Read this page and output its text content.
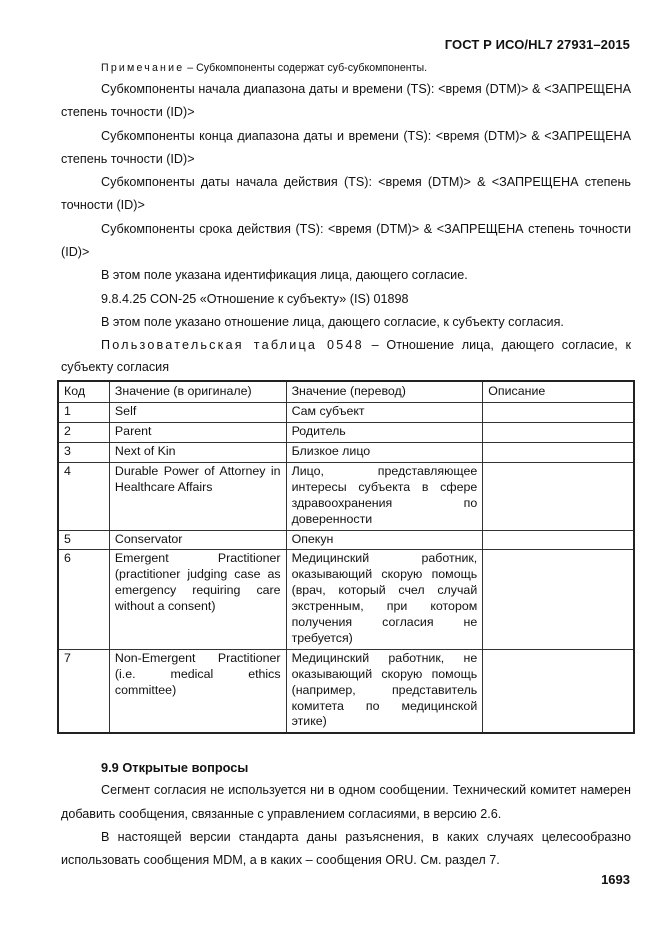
ГОСТ Р ИСО/HL7 27931–2015

Примечание – Субкомпоненты содержат суб-субкомпоненты.

Субкомпоненты начала диапазона даты и времени (TS): <время (DTM)> & <ЗАПРЕЩЕНА степень точности (ID)>

Субкомпоненты конца диапазона даты и времени (TS): <время (DTM)> & <ЗАПРЕЩЕНА степень точности (ID)>

Субкомпоненты даты начала действия (TS): <время (DTM)> & <ЗАПРЕЩЕНА степень точности (ID)>

Субкомпоненты срока действия (TS): <время (DTM)> & <ЗАПРЕЩЕНА степень точности (ID)>

В этом поле указана идентификация лица, дающего согласие.

9.8.4.25 CON-25 «Отношение к субъекту» (IS) 01898

В этом поле указано отношение лица, дающего согласие, к субъекту согласия.

Пользовательская таблица 0548 – Отношение лица, дающего согласие, к субъекту согласия

Код	Значение (в оригинале)	Значение (перевод)	Описание
1	Self	Сам субъект	
2	Parent	Родитель	
3	Next of Kin	Близкое лицо	
4	Durable Power of Attorney in Healthcare Affairs	Лицо, представляющее интересы субъекта в сфере здравоохранения по доверенности	
5	Conservator	Опекун	
6	Emergent Practitioner (practitioner judging case as emergency requiring care without a consent)	Медицинский работник, оказывающий скорую помощь (врач, который счел случай экстренным, при котором получения согласия не требуется)	
7	Non-Emergent Practitioner (i.e. medical ethics committee)	Медицинский работник, не оказывающий скорую помощь (например, представитель комитета по медицинской этике)	
9.9 Открытые вопросы

Сегмент согласия не используется ни в одном сообщении. Технический комитет намерен добавить сообщения, связанные с управлением согласиями, в версию 2.6.

В настоящей версии стандарта даны разъяснения, в каких случаях целесообразно использовать сообщения MDM, а в каких – сообщения ORU. См. раздел 7.

1693
